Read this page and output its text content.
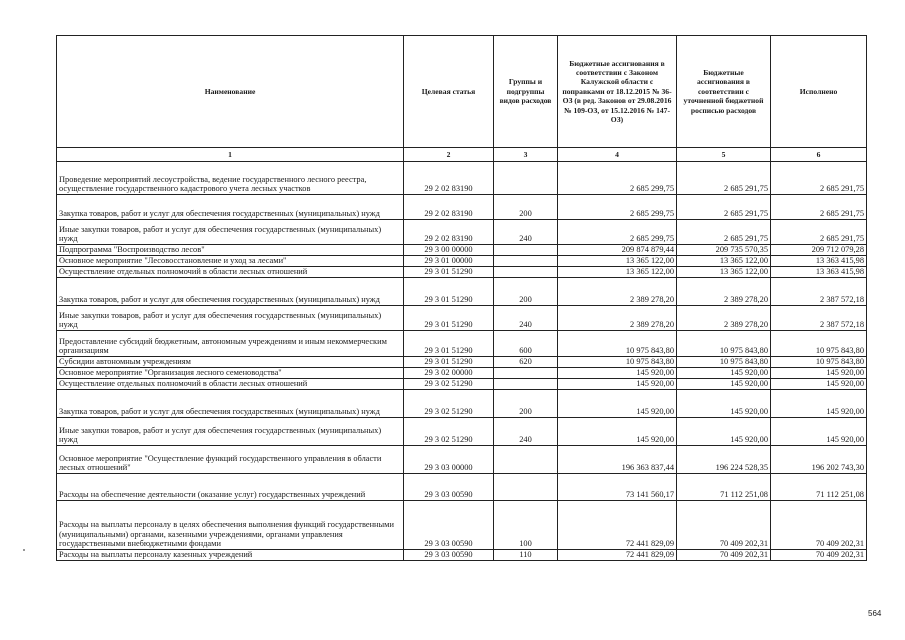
Наименование	Целевая статья	Группы и подгруппы видов расходов	Бюджетные ассигнования в соответствии с Законом Калужской области с поправками от 18.12.2015 № 36-ОЗ (в ред. Законов от 29.08.2016 № 109-ОЗ, от 15.12.2016 № 147-ОЗ)	Бюджетные ассигнования в соответствии с уточненной бюджетной росписью расходов	Исполнено
1	2	3	4	5	6
Проведение мероприятий лесоустройства, ведение государственного лесного реестра, осуществление государственного кадастрового учета лесных участков	29 2 02 83190		2 685 299,75	2 685 291,75	2 685 291,75
Закупка товаров, работ и услуг для обеспечения государственных (муниципальных) нужд	29 2 02 83190	200	2 685 299,75	2 685 291,75	2 685 291,75
Иные закупки товаров, работ и услуг для обеспечения государственных (муниципальных) нужд	29 2 02 83190	240	2 685 299,75	2 685 291,75	2 685 291,75
Подпрограмма "Воспроизводство лесов"	29 3 00 00000		209 874 879,44	209 735 570,35	209 712 079,28
Основное мероприятие "Лесовосстановление и уход за лесами"	29 3 01 00000		13 365 122,00	13 365 122,00	13 363 415,98
Осуществление отдельных полномочий в области лесных отношений	29 3 01 51290		13 365 122,00	13 365 122,00	13 363 415,98
Закупка товаров, работ и услуг для обеспечения государственных (муниципальных) нужд	29 3 01 51290	200	2 389 278,20	2 389 278,20	2 387 572,18
Иные закупки товаров, работ и услуг для обеспечения государственных (муниципальных) нужд	29 3 01 51290	240	2 389 278,20	2 389 278,20	2 387 572,18
Предоставление субсидий бюджетным, автономным учреждениям и иным некоммерческим организациям	29 3 01 51290	600	10 975 843,80	10 975 843,80	10 975 843,80
Субсидии автономным учреждениям	29 3 01 51290	620	10 975 843,80	10 975 843,80	10 975 843,80
Основное мероприятие "Организация лесного семеноводства"	29 3 02 00000		145 920,00	145 920,00	145 920,00
Осуществление отдельных полномочий в области лесных отношений	29 3 02 51290		145 920,00	145 920,00	145 920,00
Закупка товаров, работ и услуг для обеспечения государственных (муниципальных) нужд	29 3 02 51290	200	145 920,00	145 920,00	145 920,00
Иные закупки товаров, работ и услуг для обеспечения государственных (муниципальных) нужд	29 3 02 51290	240	145 920,00	145 920,00	145 920,00
Основное мероприятие "Осуществление функций государственного управления в области лесных отношений"	29 3 03 00000		196 363 837,44	196 224 528,35	196 202 743,30
Расходы на обеспечение деятельности (оказание услуг) государственных учреждений	29 3 03 00590		73 141 560,17	71 112 251,08	71 112 251,08
Расходы на выплаты персоналу в целях обеспечения выполнения функций государственными (муниципальными) органами, казенными учреждениями, органами управления государственными внебюджетными фондами	29 3 03 00590	100	72 441 829,09	70 409 202,31	70 409 202,31
Расходы на выплаты персоналу казенных учреждений	29 3 03 00590	110	72 441 829,09	70 409 202,31	70 409 202,31
564
